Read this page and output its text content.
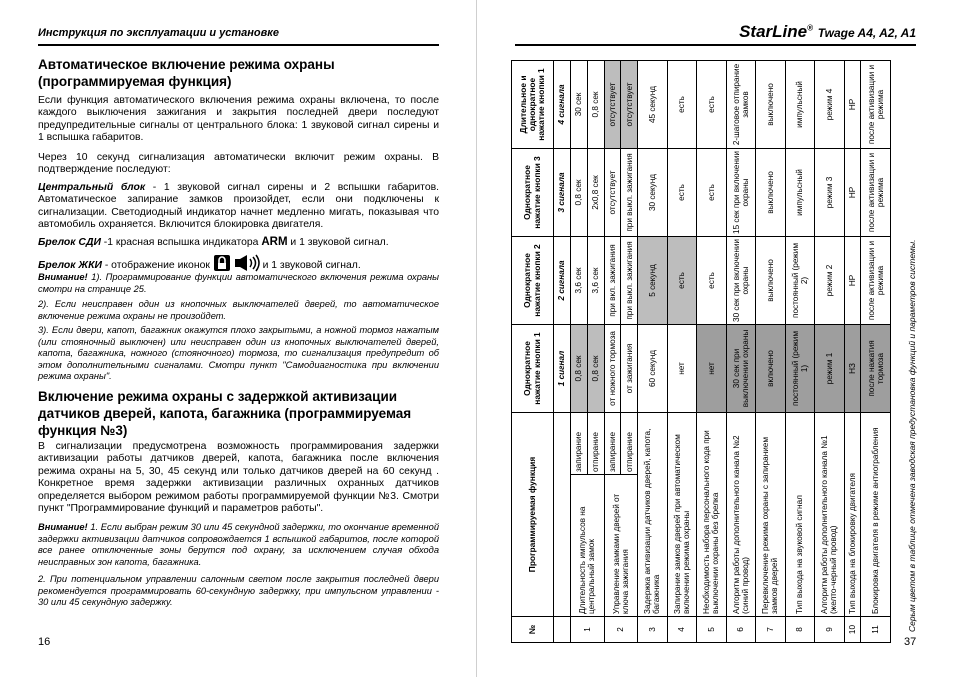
Инструкция по эксплуатации и установке
Автоматическое включение режима охраны (программируемая функция)
Если функция автоматического включения режима охраны включена, то после каждого выключения зажигания и закрытия последней двери последуют предупредительные сигналы от центрального блока: 1 звуковой сигнал сирены и 1 вспышка габаритов.
Через 10 секунд сигнализация автоматически включит режим охраны. В подтверждение последуют:
Центральный блок - 1 звуковой сигнал сирены и 2 вспышки габаритов. Автоматическое запирание замков произойдет, если они подключены к сигнализации. Светодиодный индикатор начнет медленно мигать, показывая что автомобиль охраняется. Включится блокировка двигателя.
Брелок СДИ -1 красная вспышка индикатора ARM и 1 звуковой сигнал.
Брелок ЖКИ - отображение иконок	и 1 звуковой сигнал.
Внимание! 1). Программирование функции автоматического включения режима охраны смотри на странице 25.
2). Если неисправен один из кнопочных выключателей дверей, то автоматическое включение режима охраны не произойдет.
3). Если двери, капот, багажник окажутся плохо закрытыми, а ножной тормоз нажатым (или стояночный выключен) или неисправен один из кнопочных выключателей дверей, капота, багажника, ножного (стояночного) тормоза, то сигнализация предупредит об этом дополнительными сигналами. Смотри пункт "Самодиагностика при включении режима охраны".
Включение режима охраны с задержкой активизации датчиков дверей, капота, багажника (программируемая функция №3)
В сигнализации предусмотрена возможность программирования задержки активизации работы датчиков дверей, капота, багажника после включения режима охраны на 5, 30, 45 секунд или только датчиков дверей на 60 секунд . Конкретное время задержки активизации различных охранных датчиков определяется выбором режимом работы программируемой функции №3. Смотри пункт "Программирование функций и параметров работы".
Внимание! 1. Если выбран режим 30 или 45 секундной задержки, то окончание временной задержки активизации датчиков сопровождается 1 вспышкой габаритов, после которой все ранее отключенные зоны берутся под охрану, за исключением случая обхода неисправных зон капота, багажника.
2. При потенциальном управлении салонным светом после закрытия последней двери рекомендуется программировать 60-секундную задержку, при импульсном управлении - 30 или 45 секундную задержку.
16
StarLine® Twage A4, A2, A1
№	Программируемая функция		Однократное нажатие кнопки 1	Однократное нажатие кнопки 2	Однократное нажатие кнопки 3	Длительное и однократное нажатие кнопки 1
			1 сигнал	2 сигнала	3 сигнала	4 сигнала
1	Длительность импульсов на центральный замок	запирание	0,8 сек	3,6 сек	0,8 сек	30 сек
		отпирание	0,8 сек	3,6 сек	2х0,8 сек	0,8 сек
2	Управление замками дверей от ключа зажигания	запирание	от ножного тормоза	при вкл. зажигания	отсутствует	отсутствует
		отпирание	от зажигания	при выкл. зажигания	при выкл. зажигания	отсутствует
3	Задержка активизации датчиков дверей, капота, багажника		60 секунд	5 секунд	30 секунд	45 секунд
4	Запирание замков дверей при автоматическом включении режима охраны		нет	есть	есть	есть
5	Необходимость набора персонального кода при выключении охраны без брелка		нет	есть	есть	есть
6	Алгоритм работы дополнительного канала №2 (синий провод)		30 сек при выключении охраны	30 сек при включении охраны	15 сек при включении охраны	2-шаговое отпирание замков
7	Перевключение режима охраны с запиранием замков дверей		включено	выключено	выключено	выключено
8	Тип выхода на звуковой сигнал		постоянный (режим 1)	постоянный (режим 2)	импульсный	импульсный
9	Алгоритм работы дополнительного канала №1 (желто-черный провод)		режим 1	режим 2	режим 3	режим 4
10	Тип выхода на блокировку двигателя		НЗ	НР	НР	НР
11	Блокировка двигателя в режиме антиограбления		после нажатия тормоза	после активизации и режима	после активизации и режима	после активизации и режима
Серым цветом в таблице отмечена заводская предустановка функций и параметров системы.
37
